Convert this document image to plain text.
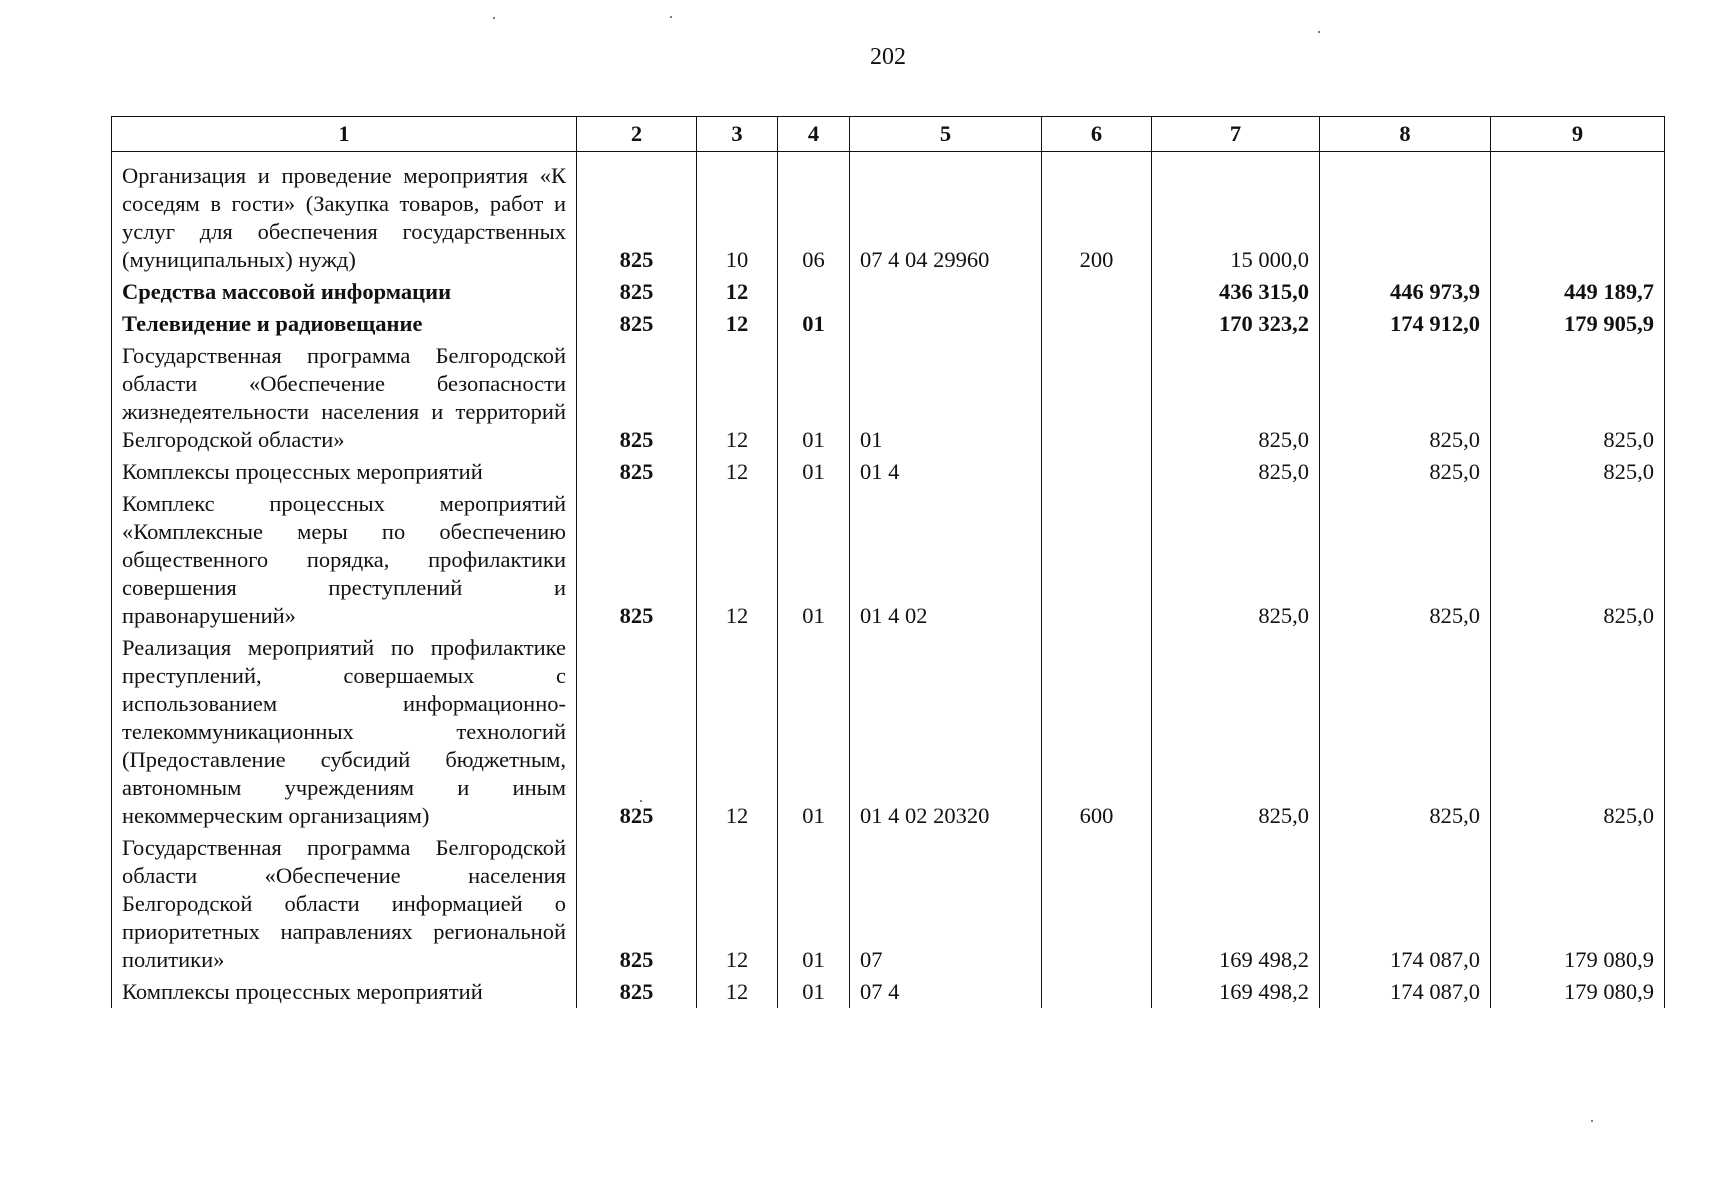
202
1	2	3	4	5	6	7	8	9
Организация и проведение мероприятия «К соседям в гости» (Закупка товаров, работ и услуг для обеспечения государственных (муниципальных) нужд)	825	10	06	07 4 04 29960	200	15 000,0		
Средства массовой информации	825	12				436 315,0	446 973,9	449 189,7
Телевидение и радиовещание	825	12	01			170 323,2	174 912,0	179 905,9
Государственная программа Белгородской области «Обеспечение безопасности жизнедеятельности населения и территорий Белгородской области»	825	12	01	01		825,0	825,0	825,0
Комплексы процессных мероприятий	825	12	01	01 4		825,0	825,0	825,0
Комплекс процессных мероприятий «Комплексные меры по обеспечению общественного порядка, профилактики совершения преступлений и правонарушений»	825	12	01	01 4 02		825,0	825,0	825,0
Реализация мероприятий по профилактике преступлений, совершаемых с использованием информационно-телекоммуникационных технологий (Предоставление субсидий бюджетным, автономным учреждениям и иным некоммерческим организациям)	825	12	01	01 4 02 20320	600	825,0	825,0	825,0
Государственная программа Белгородской области «Обеспечение населения Белгородской области информацией о приоритетных направлениях региональной политики»	825	12	01	07		169 498,2	174 087,0	179 080,9
Комплексы процессных мероприятий	825	12	01	07 4		169 498,2	174 087,0	179 080,9
